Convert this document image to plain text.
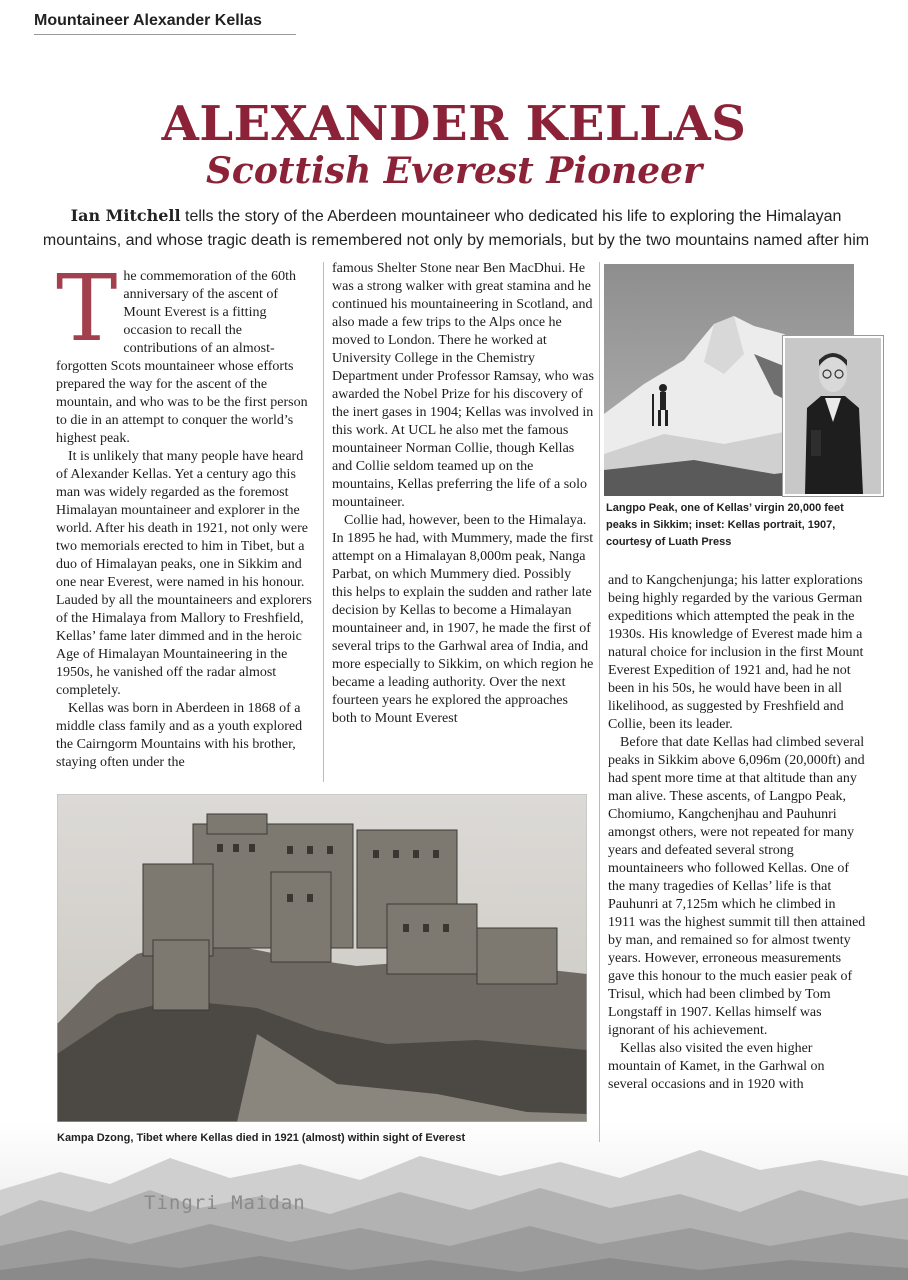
Tingri Maidan
Mountaineer Alexander Kellas
ALEXANDER KELLAS
Scottish Everest Pioneer
Ian Mitchell tells the story of the Aberdeen mountaineer who dedicated his life to exploring the Himalayan mountains, and whose tragic death is remembered not only by memorials, but by the two mountains named after him
T he commemoration of the 60th anniversary of the ascent of Mount Everest is a fitting occasion to recall the contributions of an almost-forgotten Scots mountaineer whose efforts prepared the way for the ascent of the mountain, and who was to be the first person to die in an attempt to conquer the world’s highest peak.

It is unlikely that many people have heard of Alexander Kellas. Yet a century ago this man was widely regarded as the foremost Himalayan mountaineer and explorer in the world. After his death in 1921, not only were two memorials erected to him in Tibet, but a duo of Himalayan peaks, one in Sikkim and one near Everest, were named in his honour. Lauded by all the mountaineers and explorers of the Himalaya from Mallory to Freshfield, Kellas’ fame later dimmed and in the heroic Age of Himalayan Mountaineering in the 1950s, he vanished off the radar almost completely.

Kellas was born in Aberdeen in 1868 of a middle class family and as a youth explored the Cairngorm Mountains with his brother, staying often under the

famous Shelter Stone near Ben MacDhui. He was a strong walker with great stamina and he continued his mountaineering in Scotland, and also made a few trips to the Alps once he moved to London. There he worked at University College in the Chemistry Department under Professor Ramsay, who was awarded the Nobel Prize for his discovery of the inert gases in 1904; Kellas was involved in this work. At UCL he also met the famous mountaineer Norman Collie, though Kellas and Collie seldom teamed up on the mountains, Kellas preferring the life of a solo mountaineer.

Collie had, however, been to the Himalaya. In 1895 he had, with Mummery, made the first attempt on a Himalayan 8,000m peak, Nanga Parbat, on which Mummery died. Possibly this helps to explain the sudden and rather late decision by Kellas to become a Himalayan mountaineer and, in 1907, he made the first of several trips to the Garhwal area of India, and more especially to Sikkim, on which region he became a leading authority. Over the next fourteen years he explored the approaches both to Mount Everest

Langpo Peak, one of Kellas’ virgin 20,000 feet peaks in Sikkim; inset: Kellas portrait, 1907, courtesy of Luath Press

and to Kangchenjunga; his latter explorations being highly regarded by the various German expeditions which attempted the peak in the 1930s. His knowledge of Everest made him a natural choice for inclusion in the first Mount Everest Expedition of 1921 and, had he not been in his 50s, he would have been in all likelihood, as suggested by Freshfield and Collie, been its leader.

Before that date Kellas had climbed several peaks in Sikkim above 6,096m (20,000ft) and had spent more time at that altitude than any man alive. These ascents, of Langpo Peak, Chomiumo, Kangchenjhau and Pauhunri amongst others, were not repeated for many years and defeated several strong mountaineers who followed Kellas. One of the many tragedies of Kellas’ life is that Pauhunri at 7,125m which he climbed in 1911 was the highest summit till then attained by man, and remained so for almost twenty years. However, erroneous measurements gave this honour to the much easier peak of Trisul, which had been climbed by Tom Longstaff in 1907. Kellas himself was ignorant of his achievement.

Kellas also visited the even higher mountain of Kamet, in the Garhwal on several occasions and in 1920 with

Kampa Dzong, Tibet where Kellas died in 1921 (almost) within sight of Everest
